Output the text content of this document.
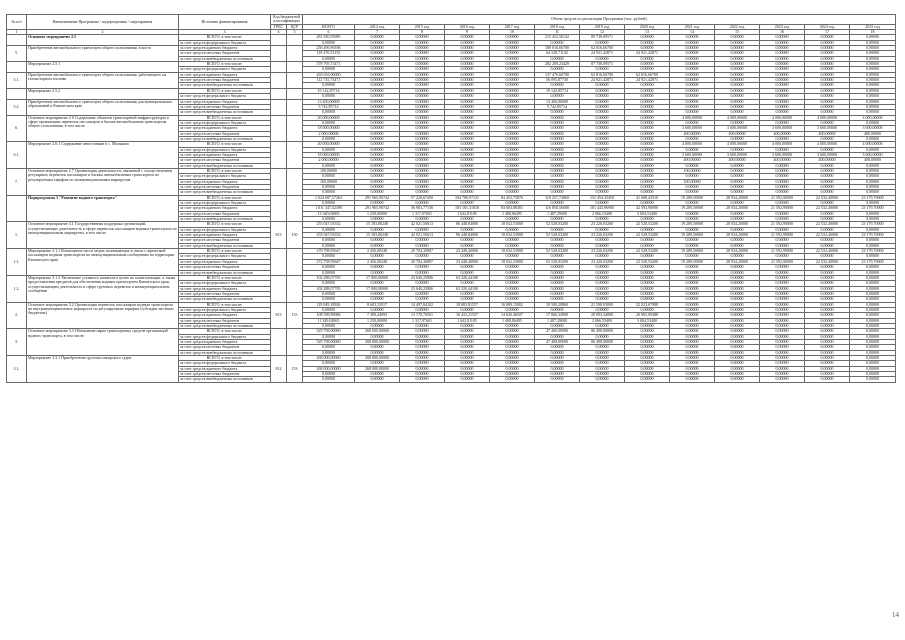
№ п/п	Наименование Программы / подпрограммы / мероприятия	Источник финансирования	Код бюджетной классификации		Объем средств по реализации Программы (тыс. рублей)												
			ГРБС	ЦСР	ВСЕГО	2014 год	2015 год	2016 год	2017 год	2018 год	2019 год	2020 год	2021 год	2022 год	2023 год	2024 год	2025 год
1	2	3	4	5	6	7	8	9	10	11	12	13	14	15	16	17	18
	Основное мероприятие 2.5	ВСЕГО, в том числе:			281 920,05985	0,00000	0,00000	0,00000	0,00000	215 452,56142	89 738,09571	0,00000	0,00000	0,00000	0,00000	0,00000	0,00000
		за счет средств федерального бюджета			0,00000	0,00000	0,00000	0,00000	0,00000	0,00000	0,00000	0,00000	0,00000	0,00000	0,00000	0,00000	0,00000
5.	Приобретение автомобильного транспорта общего пользования, в кол-в:	за счет средств краевого бюджета			256 496,90186	0,00000	0,00000	0,00000	0,00000	180 016,66700	62 816,66700	0,00000	0,00000	0,00000	0,00000	0,00000	0,00000
		за счет средств местных бюджетов			118 470,53155	0,00000	0,00000	0,00000	0,00000	64 528,71142	24 921,42871	24 921,42871	0,00000	0,00000	0,00000	0,00000	0,00000
		за счет средств внебюджетных источников			0,00000	0,00000	0,00000	0,00000	0,00000	0,00000	0,00000	0,00000	0,00000	0,00000	0,00000	0,00000	0,00000
	Мероприятие 2.5.1	ВСЕГО, в том числе:			378 795,73471	0,00000	0,00000	0,00000	0,00000	282 209,23429	87 738,09571	0,00000	0,00000	0,00000	0,00000	0,00000	0,00000
		за счет средств федерального бюджета			0,00000	0,00000	0,00000	0,00000	0,00000	0,00000	0,00000	0,00000	0,00000	0,00000	0,00000	0,00000	0,00000
5.1.	Приобретение автомобильного транспорта общего пользования, работающего на газомоторном топливе	за счет средств краевого бюджета			265 033,00000	0,00000	0,00000	0,00000	0,00000	137 476,66700	62 816,66700	62 816,66700	0,00000	0,00000	0,00000	0,00000	0,00000
		за счет средств местных бюджетов			112 735,73471	0,00000	0,00000	0,00000	0,00000	56 095,87730	24 921,42871	24 921,42871	0,00000	0,00000	0,00000	0,00000	0,00000
		за счет средств внебюджетных источников			0,00000	0,00000	0,00000	0,00000	0,00000	0,00000	0,00000	0,00000	0,00000	0,00000	0,00000	0,00000	0,00000
	Мероприятие 2.5.2	ВСЕГО, в том числе:			19 142,85714	0,00000	0,00000	0,00000	0,00000	19 142,85714	0,00000	0,00000	0,00000	0,00000	0,00000	0,00000	0,00000
		за счет средств федерального бюджета			0,00000	0,00000	0,00000	0,00000	0,00000	0,00000	0,00000	0,00000	0,00000	0,00000	0,00000	0,00000	0,00000
5.2.	Приобретение автомобильного транспорта общего пользования для муниципальных образований в Камчатском крае	за счет средств краевого бюджета			13 400,00000	0,00000	0,00000	0,00000	0,00000	13 400,00000	0,00000	0,00000	0,00000	0,00000	0,00000	0,00000	0,00000
		за счет средств местных бюджетов			5 742,85714	0,00000	0,00000	0,00000	0,00000	5 742,85714	0,00000	0,00000	0,00000	0,00000	0,00000	0,00000	0,00000
		за счет средств внебюджетных источников			0,00000	0,00000	0,00000	0,00000	0,00000	0,00000	0,00000	0,00000	0,00000	0,00000	0,00000	0,00000	0,00000
6.	Основное мероприятие 2.6 Содержание объектов транспортной инфраструктуры в сфере организации перевозок пассажиров и багажа автомобильным транспортом общего пользования, в том числе:	ВСЕГО, в том числе:			20 000,00000	0,00000	0,00000	0,00000	0,00000	0,00000	0,00000	0,00000	4 000,00000	4 000,00000	4 000,00000	4 000,00000	4 000,00000
		за счет средств федерального бюджета			0,00000	0,00000	0,00000	0,00000	0,00000	0,00000	0,00000	0,00000	0,00000	0,00000	0,00000	0,00000	0,00000
		за счет средств краевого бюджета			18 000,00000	0,00000	0,00000	0,00000	0,00000	0,00000	0,00000	0,00000	3 600,00000	3 600,00000	3 600,00000	3 600,00000	3 600,00000
		за счет средств местных бюджетов			2 000,00000	0,00000	0,00000	0,00000	0,00000	0,00000	0,00000	0,00000	400,00000	400,00000	400,00000	400,00000	400,00000
		за счет средств внебюджетных источников			0,00000	0,00000	0,00000	0,00000	0,00000	0,00000	0,00000	0,00000	0,00000	0,00000	0,00000	0,00000	0,00000
6.1.	Мероприятие 2.6.1 Содержание автостанции в с. Мильково	ВСЕГО, в том числе:			20 000,00000	0,00000	0,00000	0,00000	0,00000	0,00000	0,00000	0,00000	4 000,00000	4 000,00000	4 000,00000	4 000,00000	4 000,00000
		за счет средств федерального бюджета			0,00000	0,00000	0,00000	0,00000	0,00000	0,00000	0,00000	0,00000	0,00000	0,00000	0,00000	0,00000	0,00000
		за счет средств краевого бюджета			18 000,00000	0,00000	0,00000	0,00000	0,00000	0,00000	0,00000	0,00000	3 600,00000	3 600,00000	3 600,00000	3 600,00000	3 600,00000
		за счет средств местных бюджетов			2 000,00000	0,00000	0,00000	0,00000	0,00000	0,00000	0,00000	0,00000	400,00000	400,00000	400,00000	400,00000	400,00000
		за счет средств внебюджетных источников			0,00000	0,00000	0,00000	0,00000	0,00000	0,00000	0,00000	0,00000	0,00000	0,00000	0,00000	0,00000	0,00000
7.	Основное мероприятие 2.7 Организация деятельности, связанной с осуществлением регулярных перевозок пассажиров и багажа автомобильным транспортом по регулируемым тарифам по межмуниципальным маршрутам	ВСЕГО, в том числе:			100,00000	0,00000	0,00000	0,00000	0,00000	0,00000	0,00000	0,00000	100,00000	0,00000	0,00000	0,00000	0,00000
		за счет средств федерального бюджета			0,00000	0,00000	0,00000	0,00000	0,00000	0,00000	0,00000	0,00000	0,00000	0,00000	0,00000	0,00000	0,00000
		за счет средств краевого бюджета			100,00000	0,00000	0,00000	0,00000	0,00000	0,00000	0,00000	0,00000	100,00000	0,00000	0,00000	0,00000	0,00000
		за счет средств местных бюджетов			0,00000	0,00000	0,00000	0,00000	0,00000	0,00000	0,00000	0,00000	0,00000	0,00000	0,00000	0,00000	0,00000
		за счет средств внебюджетных источников			0,00000	0,00000	0,00000	0,00000	0,00000	0,00000	0,00000	0,00000	0,00000	0,00000	0,00000	0,00000	0,00000
	Подпрограмма 3 "Развитие водного транспорта"	ВСЕГО, в том числе:			1 024 687,57263	291 965,90742	57 220,67450	104 780,97121	84 452,75876	118 257,74060	131 454,35450	41 608,43310	19 289,50000	28 934,20000	21 592,90000	22 532,40000	23 179,70000
		за счет средств федерального бюджета			0,00000	0,00000	0,00000	0,00000	0,00000	0,00000	0,00000	0,00000	0,00000	0,00000	0,00000	0,00000	0,00000
		за счет средств краевого бюджета			1 011 347,52398	291 965,90742	56 903,77136	103 181,31818	83 603,88381	116 850,56008	101 443,96900	42 593,90000	19 289,50000	28 934,20000	21 592,90000	22 532,40000	23 179,70000
		за счет средств местных бюджетов			13 340,04865	1 239,00000	1 317,07601	1 642,81185	1 408,86495	1 487,29000	2 066,53400	3 004,53400	0,00000	0,00000	0,00000	0,00000	0,00000
		за счет средств внебюджетных источников			0,00000	0,00000	0,00000	0,00000	0,00000	0,00000	0,00000	0,00000	0,00000	0,00000	0,00000	0,00000	0,00000
1.	Основное мероприятие 3.1 Государственная поддержка организаций, осуществляющих деятельность в сфере перевозок пассажиров водным транспортом по межмуниципальным маршрутам, в том числе:	ВСЕГО, в том числе:	813	150	255 047,03352	15 183,80248	42 021,50613	86 448,84000	18 032,53000	52 528,03200	23 226,03200	22 528,53200	19 289,50000	28 934,20000	21 592,90000	22 532,40000	23 179,70000
		за счет средств федерального бюджета			0,00000	0,00000	0,00000	0,00000	0,00000	0,00000	0,00000	0,00000	0,00000	0,00000	0,00000	0,00000	0,00000
		за счет средств краевого бюджета			255 047,03352	15 183,80248	42 021,50613	86 448,84000	18 032,53000	52 528,03200	23 226,03200	22 528,53200	19 289,50000	28 934,20000	21 592,90000	22 532,40000	23 179,70000
		за счет средств местных бюджетов			0,00000	0,00000	0,00000	0,00000	0,00000	0,00000	0,00000	0,00000	0,00000	0,00000	0,00000	0,00000	0,00000
		за счет средств внебюджетных источников			0,00000	0,00000	0,00000	0,00000	0,00000	0,00000	0,00000	0,00000	0,00000	0,00000	0,00000	0,00000	0,00000
1.1.	Мероприятие 3.1.1 Возмещение части затрат, возникающих в связи с перевозкой пассажиров водным транспортом по межмуниципальным сообщениям на территории Камчатского края	ВСЕГО, в том числе:			270 798,95647	2 456,00248	20 704,30807	23 448,40000	18 032,53000	52 528,03200	23 226,03200	22 528,53200	19 289,50000	28 934,20000	21 592,90000	22 532,40000	23 179,70000
		за счет средств федерального бюджета			0,00000	0,00000	0,00000	0,00000	0,00000	0,00000	0,00000	0,00000	0,00000	0,00000	0,00000	0,00000	0,00000
		за счет средств краевого бюджета			272 758,95647	2 456,00248	20 704,30807	23 448,40000	18 032,53000	52 528,03200	23 226,03200	22 528,53200	19 289,50000	28 934,20000	21 592,90000	22 532,40000	23 179,70000
		за счет средств местных бюджетов			0,00000	0,00000	0,00000	0,00000	0,00000	0,00000	0,00000	0,00000	0,00000	0,00000	0,00000	0,00000	0,00000
		за счет средств внебюджетных источников			0,00000	0,00000	0,00000	0,00000	0,00000	0,00000	0,00000	0,00000	0,00000	0,00000	0,00000	0,00000	0,00000
1.2.	Мероприятие 3.1.2 Увеличение уставного капитала в целях их капитализации, а также предоставления кредитов для обеспечения водным транспортом Камчатского края, осуществляющим деятельность в сфере грузовых перевозок в межмуниципальном сообщении	ВСЕГО, в том числе:			102 288,07705	17 000,00000	23 640,25806	63 320,44100	0,00000	0,00000	0,00000	0,00000	0,00000	0,00000	0,00000	0,00000	0,00000
		за счет средств федерального бюджета			0,00000	0,00000	0,00000	0,00000	0,00000	0,00000	0,00000	0,00000	0,00000	0,00000	0,00000	0,00000	0,00000
		за счет средств краевого бюджета			102 288,07705	17 000,00000	23 640,25806	63 320,44100	0,00000	0,00000	0,00000	0,00000	0,00000	0,00000	0,00000	0,00000	0,00000
		за счет средств местных бюджетов			0,00000	0,00000	0,00000	0,00000	0,00000	0,00000	0,00000	0,00000	0,00000	0,00000	0,00000	0,00000	0,00000
		за счет средств внебюджетных источников			0,00000	0,00000	0,00000	0,00000	0,00000	0,00000	0,00000	0,00000	0,00000	0,00000	0,00000	0,00000	0,00000
2.	Основное мероприятие 3.2 Организация перевозок пассажиров водным транспортом на внутримуниципальных маршрутах по регулируемым тарифам (субсидии местным бюджетам)	ВСЕГО, в том числе:	813	153	119 949,18926	8 603,52917	14 497,84102	18 083,81557	16 089,15802	18 509,20860	21 598,93000	22 023,67988	0,00000	0,00000	0,00000	0,00000	0,00000
		за счет средств федерального бюджета			0,00000	0,00000	0,00000	0,00000	0,00000	0,00000	0,00000	0,00000	0,00000	0,00000	0,00000	0,00000	0,00000
		за счет средств краевого бюджета			108 599,89086	7 389,44093	13 170,76501	16 433,21557	14 620,46507	17 066,34900	20 093,34000	20 965,09488	0,00000	0,00000	0,00000	0,00000	0,00000
		за счет средств местных бюджетов			11 349,04865	1 239,00000	1 317,07601	1 642,81185	1 408,86495	1 487,29000	2 066,53400	3 004,53400	0,00000	0,00000	0,00000	0,00000	0,00000
		за счет средств внебюджетных источников			0,00000	0,00000	0,00000	0,00000	0,00000	0,00000	0,00000	0,00000	0,00000	0,00000	0,00000	0,00000	0,00000
3.	Основное мероприятие 3.3 Обновление парка транспортных средств организаций водного транспорта, в том числе:	ВСЕГО, в том числе:			529 798,00000	268 000,00000	0,00000	0,00000	0,00000	47 400,00000	86 498,00000	0,00000	0,00000	0,00000	0,00000	0,00000	0,00000
		за счет средств федерального бюджета			0,00000	0,00000	0,00000	0,00000	0,00000	0,00000	0,00000	0,00000	0,00000	0,00000	0,00000	0,00000	0,00000
		за счет средств краевого бюджета			529 798,00000	268 000,00000	0,00000	0,00000	0,00000	47 400,00000	86 498,00000	0,00000	0,00000	0,00000	0,00000	0,00000	0,00000
		за счет средств местных бюджетов			0,00000	0,00000	0,00000	0,00000	0,00000	0,00000	0,00000	0,00000	0,00000	0,00000	0,00000	0,00000	0,00000
		за счет средств внебюджетных источников			0,00000	0,00000	0,00000	0,00000	0,00000	0,00000	0,00000	0,00000	0,00000	0,00000	0,00000	0,00000	0,00000
3.1.	Мероприятие 3.3.1 Приобретение грузопассажирского судна	ВСЕГО, в том числе:	812	153	268 000,00000	268 000,00000	0,00000	0,00000	0,00000	0,00000	0,00000	0,00000	0,00000	0,00000	0,00000	0,00000	0,00000
		за счет средств федерального бюджета			0,00000	0,00000	0,00000	0,00000	0,00000	0,00000	0,00000	0,00000	0,00000	0,00000	0,00000	0,00000	0,00000
		за счет средств краевого бюджета			268 000,00000	268 000,00000	0,00000	0,00000	0,00000	0,00000	0,00000	0,00000	0,00000	0,00000	0,00000	0,00000	0,00000
		за счет средств местных бюджетов			0,00000	0,00000	0,00000	0,00000	0,00000	0,00000	0,00000	0,00000	0,00000	0,00000	0,00000	0,00000	0,00000
		за счет средств внебюджетных источников			0,00000	0,00000	0,00000	0,00000	0,00000	0,00000	0,00000	0,00000	0,00000	0,00000	0,00000	0,00000	0,00000
14
